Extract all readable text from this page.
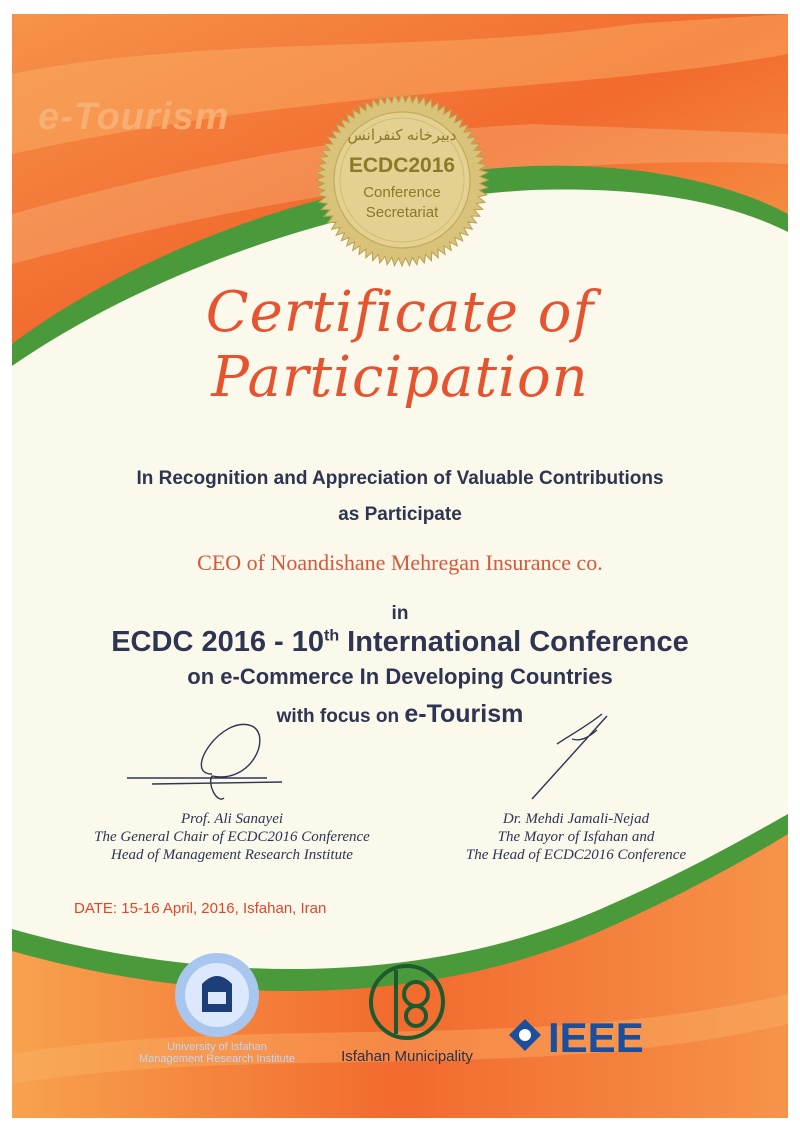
e-Tourism	دبیرخانه کنفرانس
ECDC2016
Conference
Secretariat
Certificate of Participation
In Recognition and Appreciation of Valuable Contributions
as Participate
CEO of Noandishane Mehregan Insurance co.
in
ECDC 2016 - 10th International Conference
on e-Commerce In Developing Countries
with focus on e-Tourism
Prof. Ali Sanayei
The General Chair of ECDC2016 Conference
Head of Management Research Institute
Dr. Mehdi Jamali-Nejad
The Mayor of Isfahan and
The Head of ECDC2016 Conference
DATE: 15-16 April, 2016, Isfahan, Iran
University of Isfahan
Management Research Institute	Isfahan Municipality	IEEE
